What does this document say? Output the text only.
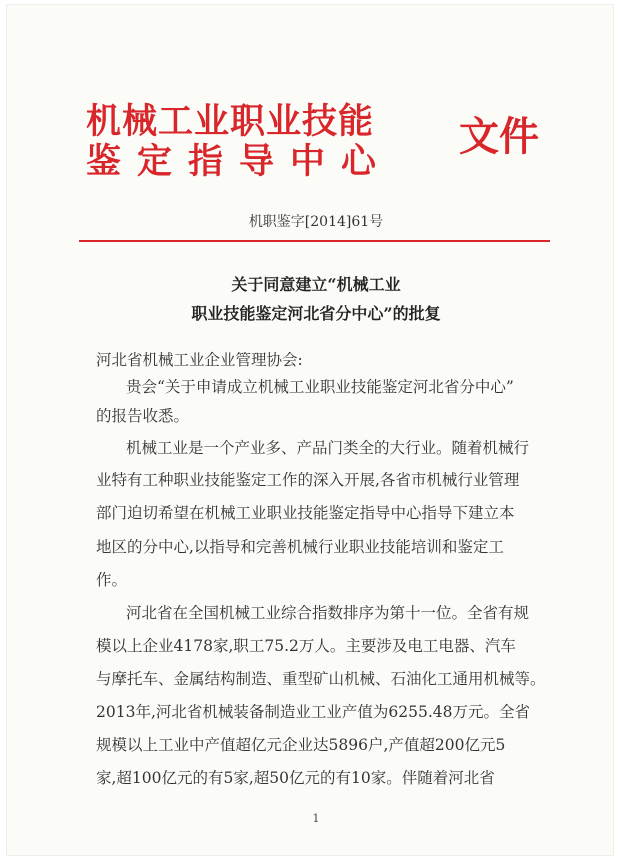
机械工业职业技能
鉴定指导中心
文件
机职鉴字[2014]61号
关于同意建立“机械工业
职业技能鉴定河北省分中心”的批复
河北省机械工业企业管理协会:
贵会“关于申请成立机械工业职业技能鉴定河北省分中心”
的报告收悉。
机械工业是一个产业多、产品门类全的大行业。随着机械行
业特有工种职业技能鉴定工作的深入开展,各省市机械行业管理
部门迫切希望在机械工业职业技能鉴定指导中心指导下建立本
地区的分中心,以指导和完善机械行业职业技能培训和鉴定工
作。
河北省在全国机械工业综合指数排序为第十一位。全省有规
模以上企业4178家,职工75.2万人。主要涉及电工电器、汽车
与摩托车、金属结构制造、重型矿山机械、石油化工通用机械等。
2013年,河北省机械装备制造业工业产值为6255.48万元。全省
规模以上工业中产值超亿元企业达5896户,产值超200亿元5
家,超100亿元的有5家,超50亿元的有10家。伴随着河北省
1
